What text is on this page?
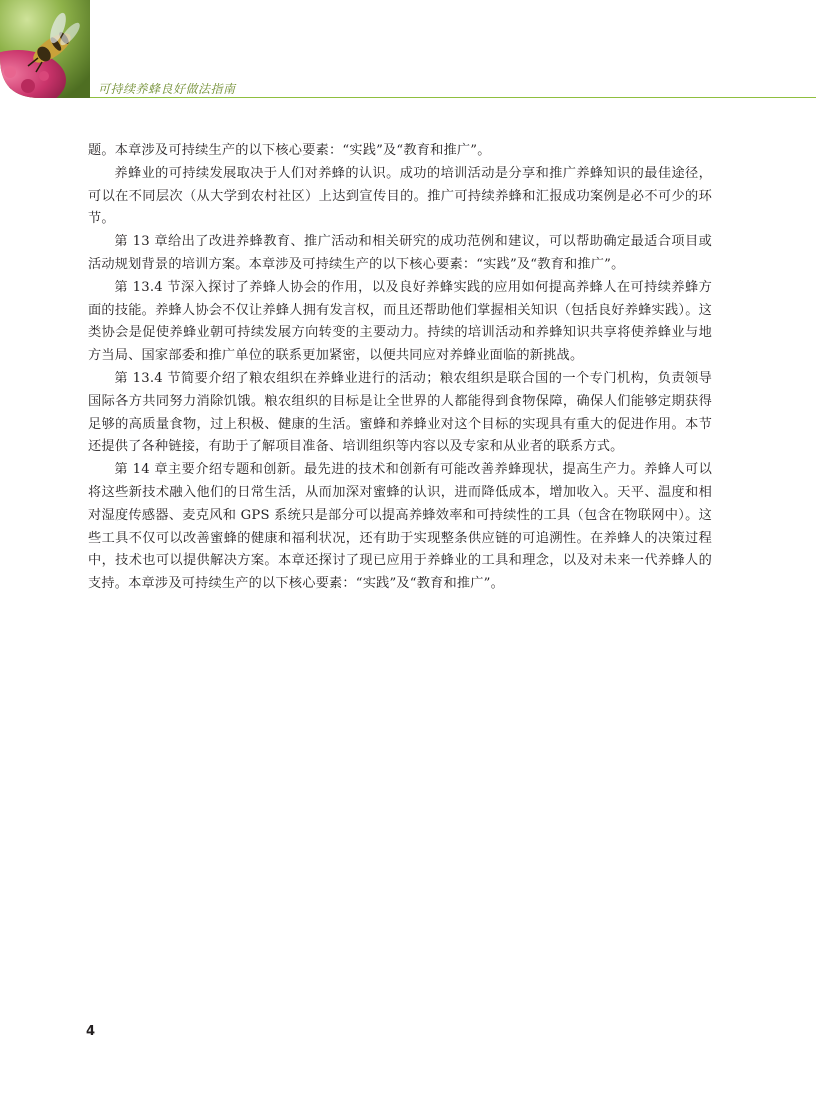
可持续养蜂良好做法指南

题。本章涉及可持续生产的以下核心要素：“实践”及“教育和推广”。

养蜂业的可持续发展取决于人们对养蜂的认识。成功的培训活动是分享和推广养蜂知识的最佳途径，可以在不同层次（从大学到农村社区）上达到宣传目的。推广可持续养蜂和汇报成功案例是必不可少的环节。

第 13 章给出了改进养蜂教育、推广活动和相关研究的成功范例和建议，可以帮助确定最适合项目或活动规划背景的培训方案。本章涉及可持续生产的以下核心要素：“实践”及“教育和推广”。

第 13.4 节深入探讨了养蜂人协会的作用，以及良好养蜂实践的应用如何提高养蜂人在可持续养蜂方面的技能。养蜂人协会不仅让养蜂人拥有发言权，而且还帮助他们掌握相关知识（包括良好养蜂实践）。这类协会是促使养蜂业朝可持续发展方向转变的主要动力。持续的培训活动和养蜂知识共享将使养蜂业与地方当局、国家部委和推广单位的联系更加紧密，以便共同应对养蜂业面临的新挑战。

第 13.4 节简要介绍了粮农组织在养蜂业进行的活动；粮农组织是联合国的一个专门机构，负责领导国际各方共同努力消除饥饿。粮农组织的目标是让全世界的人都能得到食物保障，确保人们能够定期获得足够的高质量食物，过上积极、健康的生活。蜜蜂和养蜂业对这个目标的实现具有重大的促进作用。本节还提供了各种链接，有助于了解项目准备、培训组织等内容以及专家和从业者的联系方式。

第 14 章主要介绍专题和创新。最先进的技术和创新有可能改善养蜂现状，提高生产力。养蜂人可以将这些新技术融入他们的日常生活，从而加深对蜜蜂的认识，进而降低成本，增加收入。天平、温度和相对湿度传感器、麦克风和 GPS 系统只是部分可以提高养蜂效率和可持续性的工具（包含在物联网中）。这些工具不仅可以改善蜜蜂的健康和福利状况，还有助于实现整条供应链的可追溯性。在养蜂人的决策过程中，技术也可以提供解决方案。本章还探讨了现已应用于养蜂业的工具和理念，以及对未来一代养蜂人的支持。本章涉及可持续生产的以下核心要素：“实践”及“教育和推广”。

4
